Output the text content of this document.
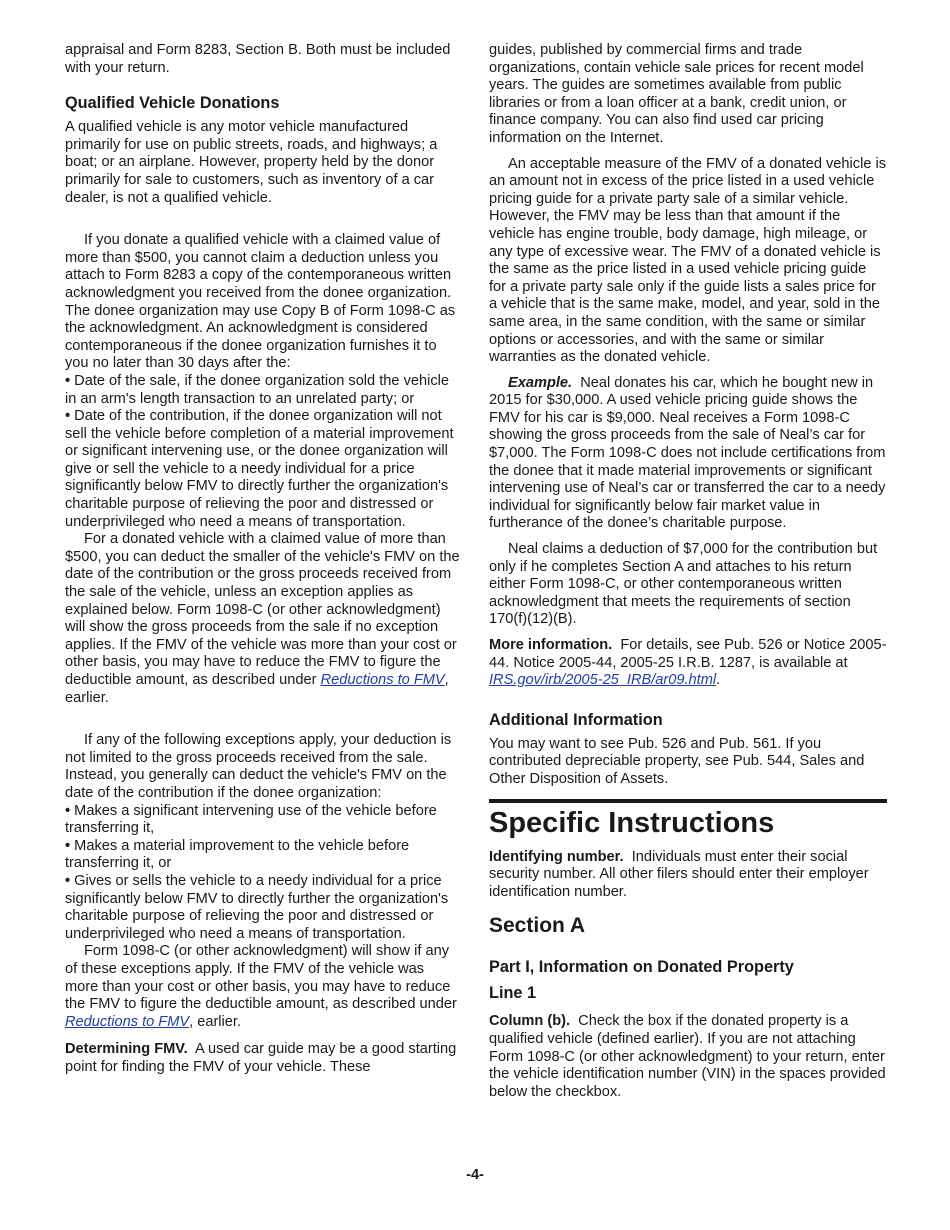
appraisal and Form 8283, Section B. Both must be included with your return.

Qualified Vehicle Donations

A qualified vehicle is any motor vehicle manufactured primarily for use on public streets, roads, and highways; a boat; or an airplane. However, property held by the donor primarily for sale to customers, such as inventory of a car dealer, is not a qualified vehicle.

If you donate a qualified vehicle with a claimed value of more than $500, you cannot claim a deduction unless you attach to Form 8283 a copy of the contemporaneous written acknowledgment you received from the donee organization. The donee organization may use Copy B of Form 1098-C as the acknowledgment. An acknowledgment is considered contemporaneous if the donee organization furnishes it to you no later than 30 days after the:

• Date of the sale, if the donee organization sold the vehicle in an arm's length transaction to an unrelated party; or

• Date of the contribution, if the donee organization will not sell the vehicle before completion of a material improvement or significant intervening use, or the donee organization will give or sell the vehicle to a needy individual for a price significantly below FMV to directly further the organization's charitable purpose of relieving the poor and distressed or underprivileged who need a means of transportation.

For a donated vehicle with a claimed value of more than $500, you can deduct the smaller of the vehicle's FMV on the date of the contribution or the gross proceeds received from the sale of the vehicle, unless an exception applies as explained below. Form 1098-C (or other acknowledgment) will show the gross proceeds from the sale if no exception applies. If the FMV of the vehicle was more than your cost or other basis, you may have to reduce the FMV to figure the deductible amount, as described under Reductions to FMV, earlier.

If any of the following exceptions apply, your deduction is not limited to the gross proceeds received from the sale. Instead, you generally can deduct the vehicle's FMV on the date of the contribution if the donee organization:

• Makes a significant intervening use of the vehicle before transferring it,

• Makes a material improvement to the vehicle before transferring it, or

• Gives or sells the vehicle to a needy individual for a price significantly below FMV to directly further the organization's charitable purpose of relieving the poor and distressed or underprivileged who need a means of transportation.

Form 1098-C (or other acknowledgment) will show if any of these exceptions apply. If the FMV of the vehicle was more than your cost or other basis, you may have to reduce the FMV to figure the deductible amount, as described under Reductions to FMV, earlier.

Determining FMV. A used car guide may be a good starting point for finding the FMV of your vehicle. These

guides, published by commercial firms and trade organizations, contain vehicle sale prices for recent model years. The guides are sometimes available from public libraries or from a loan officer at a bank, credit union, or finance company. You can also find used car pricing information on the Internet.

An acceptable measure of the FMV of a donated vehicle is an amount not in excess of the price listed in a used vehicle pricing guide for a private party sale of a similar vehicle. However, the FMV may be less than that amount if the vehicle has engine trouble, body damage, high mileage, or any type of excessive wear. The FMV of a donated vehicle is the same as the price listed in a used vehicle pricing guide for a private party sale only if the guide lists a sales price for a vehicle that is the same make, model, and year, sold in the same area, in the same condition, with the same or similar options or accessories, and with the same or similar warranties as the donated vehicle.

Example. Neal donates his car, which he bought new in 2015 for $30,000. A used vehicle pricing guide shows the FMV for his car is $9,000. Neal receives a Form 1098-C showing the gross proceeds from the sale of Neal’s car for $7,000. The Form 1098-C does not include certifications from the donee that it made material improvements or significant intervening use of Neal’s car or transferred the car to a needy individual for significantly below fair market value in furtherance of the donee’s charitable purpose.

Neal claims a deduction of $7,000 for the contribution but only if he completes Section A and attaches to his return either Form 1098-C, or other contemporaneous written acknowledgment that meets the requirements of section 170(f)(12)(B).

More information. For details, see Pub. 526 or Notice 2005-44. Notice 2005-44, 2005-25 I.R.B. 1287, is available at IRS.gov/irb/2005-25_IRB/ar09.html.

Additional Information

You may want to see Pub. 526 and Pub. 561. If you contributed depreciable property, see Pub. 544, Sales and Other Disposition of Assets.

Specific Instructions

Identifying number. Individuals must enter their social security number. All other filers should enter their employer identification number.

Section A
Part I, Information on Donated Property
Line 1

Column (b). Check the box if the donated property is a qualified vehicle (defined earlier). If you are not attaching Form 1098-C (or other acknowledgment) to your return, enter the vehicle identification number (VIN) in the spaces provided below the checkbox.

-4-
